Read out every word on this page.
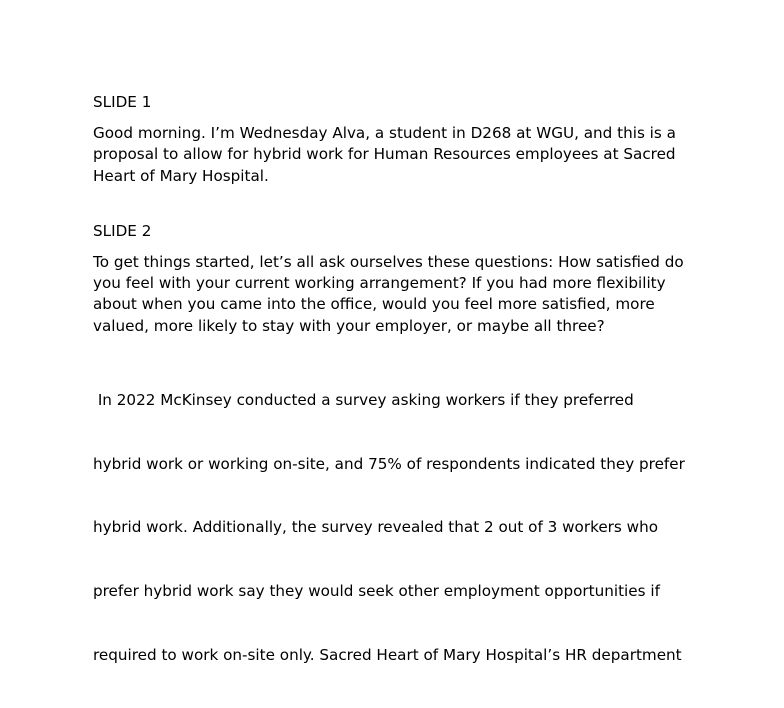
SLIDE 1

Good morning. I’m Wednesday Alva, a student in D268 at WGU, and this is a
proposal to allow for hybrid work for Human Resources employees at Sacred
Heart of Mary Hospital.

SLIDE 2

To get things started, let’s all ask ourselves these questions: How satisfied do
you feel with your current working arrangement? If you had more flexibility
about when you came into the office, would you feel more satisfied, more
valued, more likely to stay with your employer, or maybe all three?

In 2022 McKinsey conducted a survey asking workers if they preferred

hybrid work or working on-site, and 75% of respondents indicated they prefer

hybrid work. Additionally, the survey revealed that 2 out of 3 workers who

prefer hybrid work say they would seek other employment opportunities if

required to work on-site only. Sacred Heart of Mary Hospital’s HR department
